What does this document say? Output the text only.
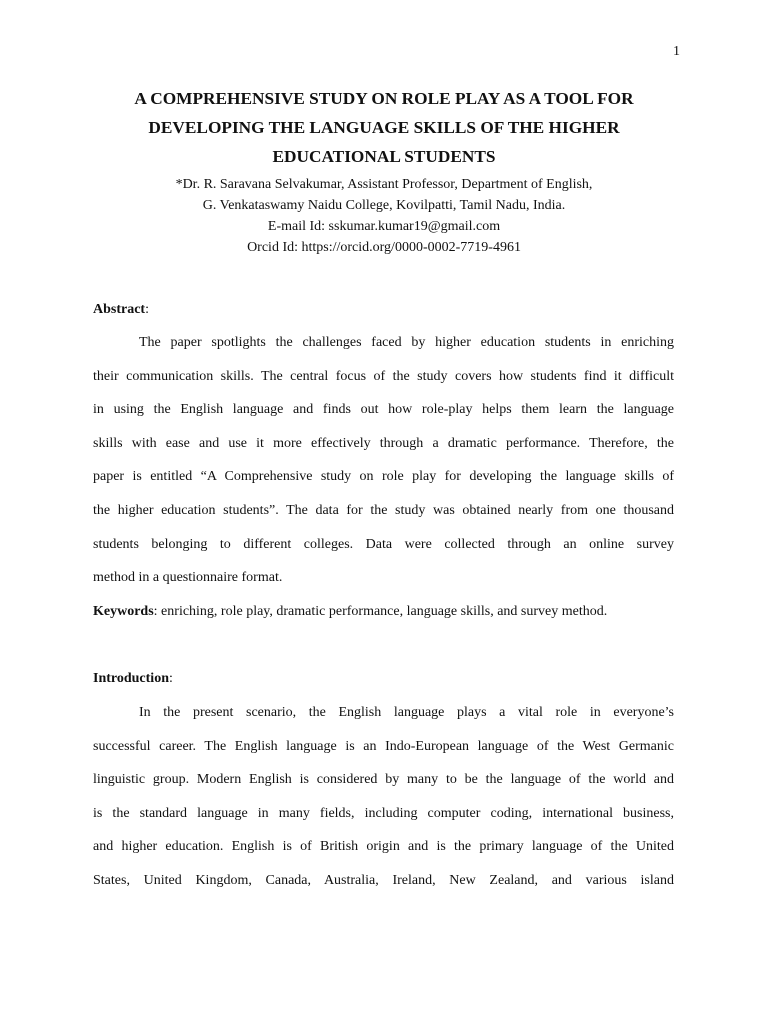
1
A COMPREHENSIVE STUDY ON ROLE PLAY AS A TOOL FOR
DEVELOPING THE LANGUAGE SKILLS OF THE HIGHER
EDUCATIONAL STUDENTS
*Dr. R. Saravana Selvakumar, Assistant Professor, Department of English,
G. Venkataswamy Naidu College, Kovilpatti, Tamil Nadu, India.
E-mail Id: sskumar.kumar19@gmail.com
Orcid Id: https://orcid.org/0000-0002-7719-4961
Abstract:
The paper spotlights the challenges faced by higher education students in enriching
their communication skills. The central focus of the study covers how students find it difficult
in using the English language and finds out how role-play helps them learn the language
skills with ease and use it more effectively through a dramatic performance. Therefore, the
paper is entitled “A Comprehensive study on role play for developing the language skills of
the higher education students”. The data for the study was obtained nearly from one thousand
students belonging to different colleges. Data were collected through an online survey
method in a questionnaire format.
Keywords: enriching, role play, dramatic performance, language skills, and survey method.
Introduction:
In the present scenario, the English language plays a vital role in everyone’s
successful career. The English language is an Indo-European language of the West Germanic
linguistic group. Modern English is considered by many to be the language of the world and
is the standard language in many fields, including computer coding, international business,
and higher education. English is of British origin and is the primary language of the United
States, United Kingdom, Canada, Australia, Ireland, New Zealand, and various island
